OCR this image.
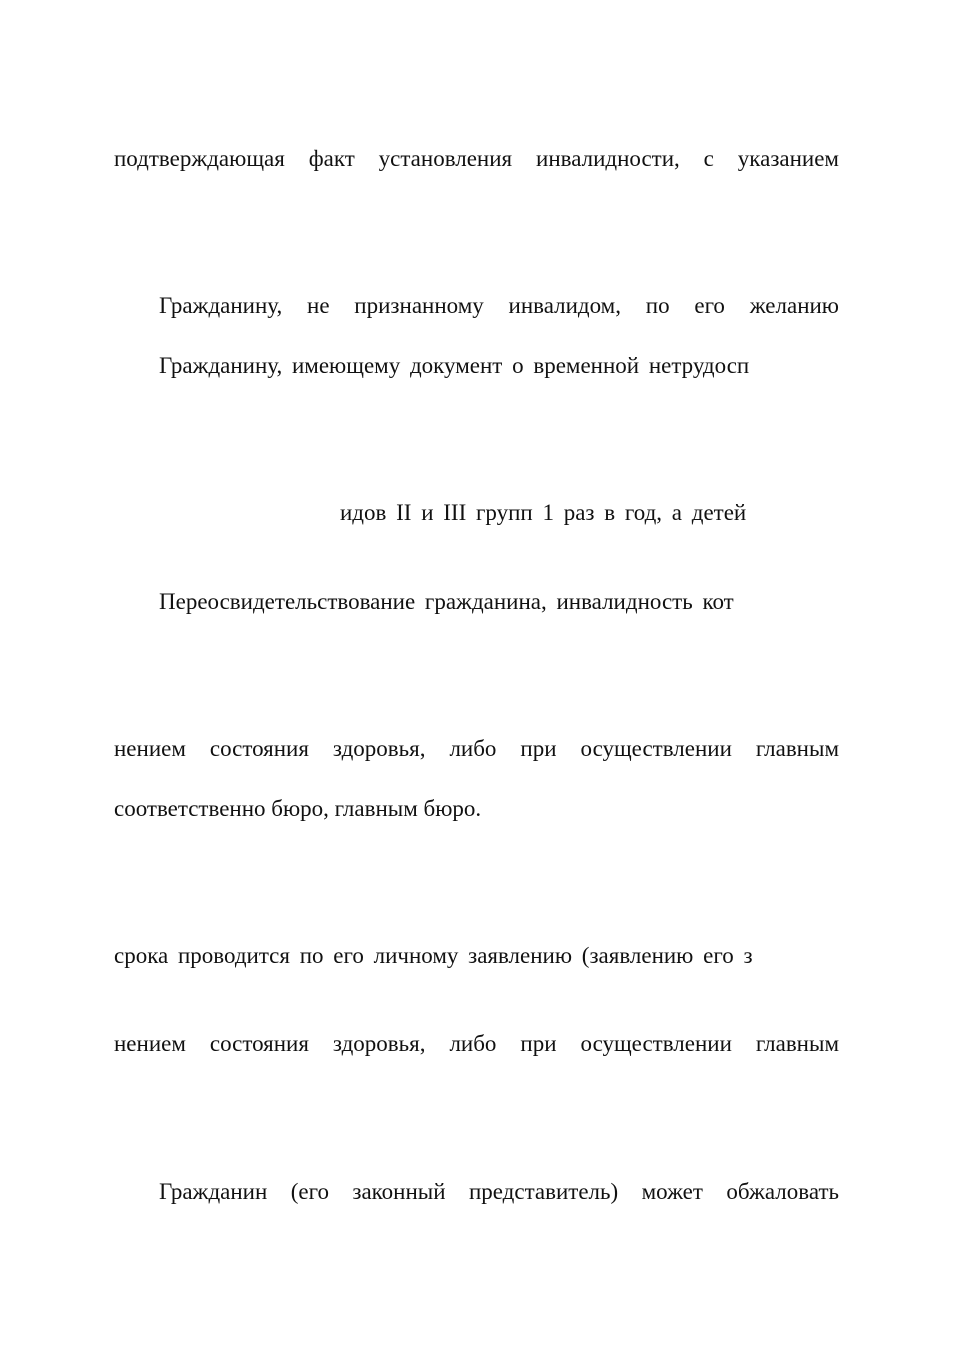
подтверждающая факт установления инвалидности, с указанием
Гражданину, не признанному инвалидом, по его желанию
Гражданину, имеющему документ о временной нетрудосп
идов II и III групп 1 раз в год, а детей
Переосвидетельствование гражданина, инвалидность кот
нением состояния здоровья, либо при осуществлении главным
соответственно бюро, главным бюро.
срока проводится по его личному заявлению (заявлению его з
нением состояния здоровья, либо при осуществлении главным
Гражданин (его законный представитель) может обжаловать
